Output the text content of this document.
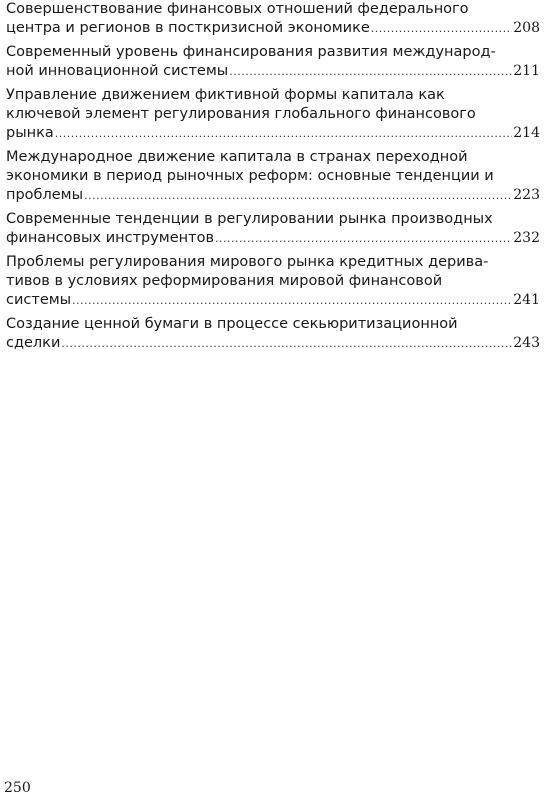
Совершенствование финансовых отношений федерального
центра и регионов в посткризисной экономике .....	208
Современный уровень финансирования развития международ-
ной инновационной системы .....	211
Управление движением фиктивной формы капитала как
ключевой элемент регулирования глобального финансового
рынка .....	214
Международное движение капитала в странах переходной
экономики в период рыночных реформ: основные тенденции и
проблемы .....	223
Современные тенденции в регулировании рынка производных
финансовых инструментов .....	232
Проблемы регулирования мирового рынка кредитных дерива-
тивов в условиях реформирования мировой финансовой
системы .....	241
Создание ценной бумаги в процессе секьюритизационной
сделки .....	243
250
